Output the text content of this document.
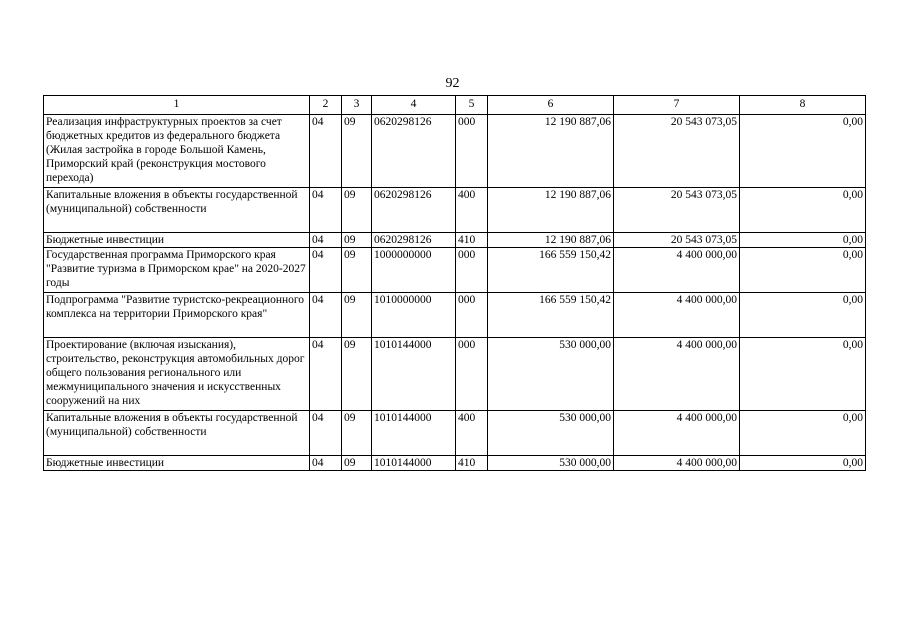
92
1	2	3	4	5	6	7	8
Реализация инфраструктурных проектов за счет бюджетных кредитов из федерального бюджета (Жилая застройка в городе Большой Камень, Приморский край (реконструкция мостового перехода)	04	09	0620298126	000	12 190 887,06	20 543 073,05	0,00
Капитальные вложения в объекты государственной (муниципальной) собственности	04	09	0620298126	400	12 190 887,06	20 543 073,05	0,00
Бюджетные инвестиции	04	09	0620298126	410	12 190 887,06	20 543 073,05	0,00
Государственная программа Приморского края "Развитие туризма в Приморском крае" на 2020-2027 годы	04	09	1000000000	000	166 559 150,42	4 400 000,00	0,00
Подпрограмма "Развитие туристско-рекреационного комплекса на территории Приморского края"	04	09	1010000000	000	166 559 150,42	4 400 000,00	0,00
Проектирование (включая изыскания), строительство, реконструкция автомобильных дорог общего пользования регионального или межмуниципального значения и искусственных сооружений на них	04	09	1010144000	000	530 000,00	4 400 000,00	0,00
Капитальные вложения в объекты государственной (муниципальной) собственности	04	09	1010144000	400	530 000,00	4 400 000,00	0,00
Бюджетные инвестиции	04	09	1010144000	410	530 000,00	4 400 000,00	0,00
